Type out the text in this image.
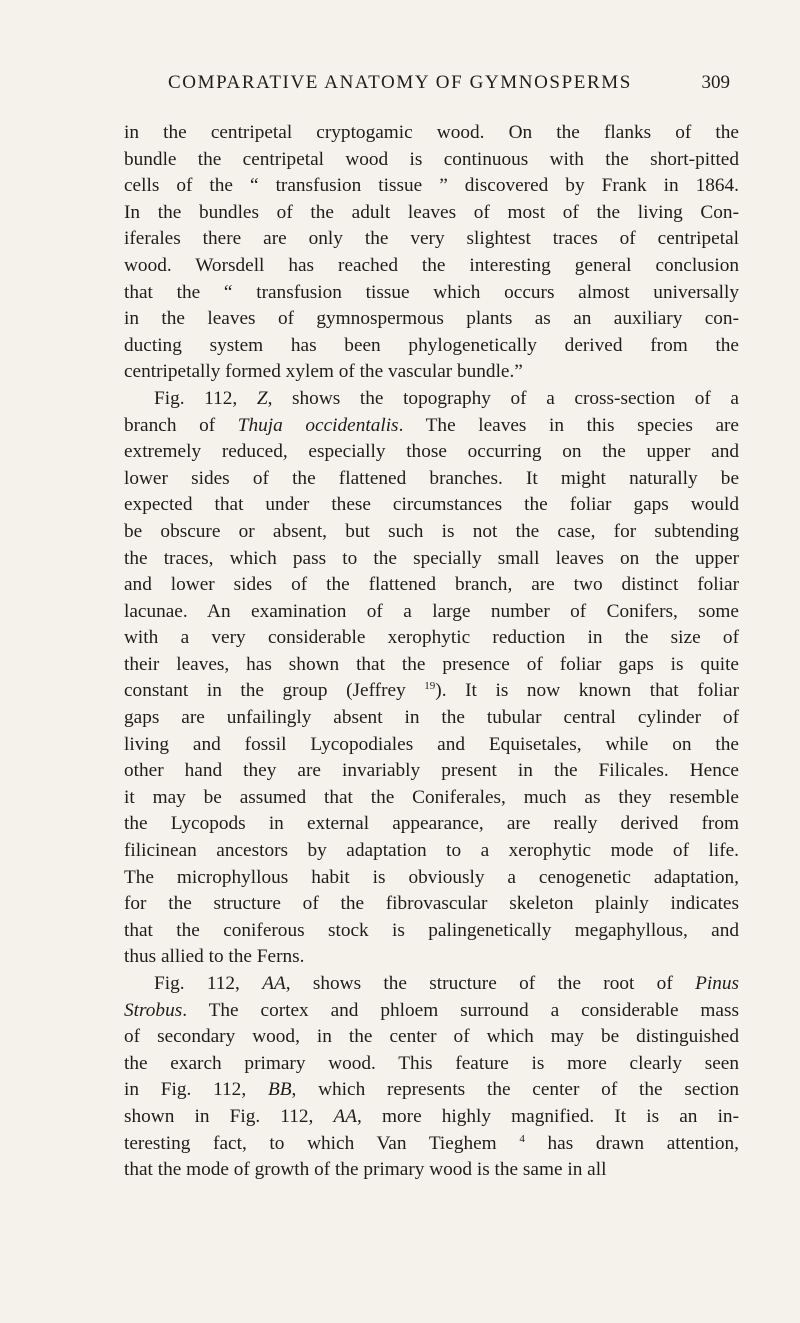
COMPARATIVE ANATOMY OF GYMNOSPERMS	309
in the centripetal cryptogamic wood. On the flanks of the
bundle the centripetal wood is continuous with the short-pitted
cells of the “ transfusion tissue ” discovered by Frank in 1864.
In the bundles of the adult leaves of most of the living Con-
iferales there are only the very slightest traces of centripetal
wood. Worsdell has reached the interesting general conclusion
that the “ transfusion tissue which occurs almost universally
in the leaves of gymnospermous plants as an auxiliary con-
ducting system has been phylogenetically derived from the
centripetally formed xylem of the vascular bundle.”
Fig. 112, Z, shows the topography of a cross-section of a
branch of Thuja occidentalis. The leaves in this species are
extremely reduced, especially those occurring on the upper and
lower sides of the flattened branches. It might naturally be
expected that under these circumstances the foliar gaps would
be obscure or absent, but such is not the case, for subtending
the traces, which pass to the specially small leaves on the upper
and lower sides of the flattened branch, are two distinct foliar
lacunae. An examination of a large number of Conifers, some
with a very considerable xerophytic reduction in the size of
their leaves, has shown that the presence of foliar gaps is quite
constant in the group (Jeffrey $^{19}$). It is now known that foliar
gaps are unfailingly absent in the tubular central cylinder of
living and fossil Lycopodiales and Equisetales, while on the
other hand they are invariably present in the Filicales. Hence
it may be assumed that the Coniferales, much as they resemble
the Lycopods in external appearance, are really derived from
filicinean ancestors by adaptation to a xerophytic mode of life.
The microphyllous habit is obviously a cenogenetic adaptation,
for the structure of the fibrovascular skeleton plainly indicates
that the coniferous stock is palingenetically megaphyllous, and
thus allied to the Ferns.
Fig. 112, AA, shows the structure of the root of Pinus
Strobus. The cortex and phloem surround a considerable mass
of secondary wood, in the center of which may be distinguished
the exarch primary wood. This feature is more clearly seen
in Fig. 112, BB, which represents the center of the section
shown in Fig. 112, AA, more highly magnified. It is an in-
teresting fact, to which Van Tieghem $^4$ has drawn attention,
that the mode of growth of the primary wood is the same in all
